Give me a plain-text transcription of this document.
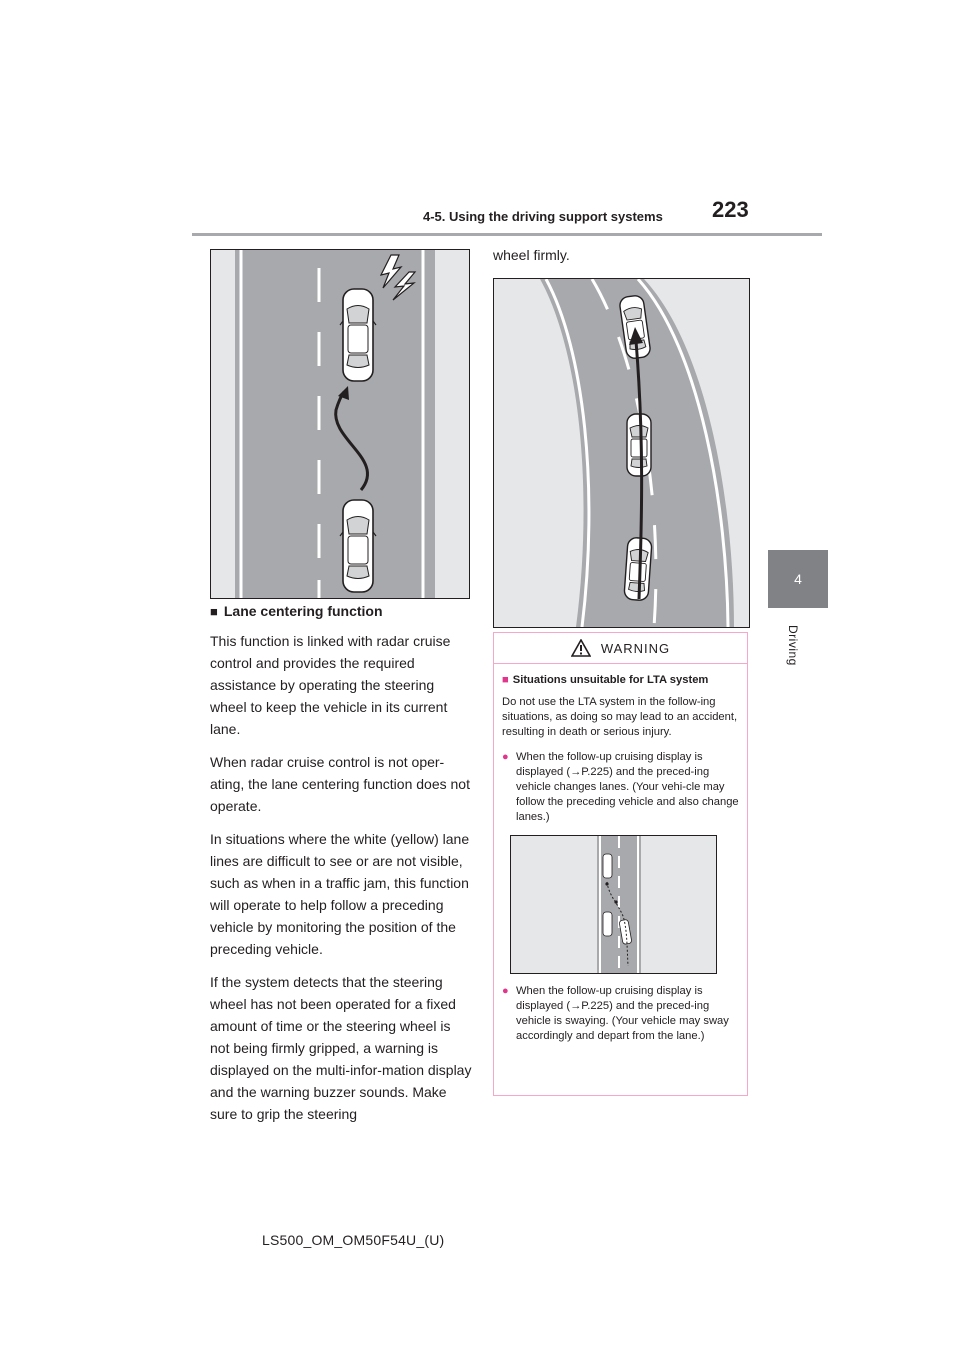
4-5. Using the driving support systems	223
4
Driving
■ Lane centering function

This function is linked with radar cruise control and provides the required assistance by operating the steering wheel to keep the vehicle in its current lane.

When radar cruise control is not oper-ating, the lane centering function does not operate.

In situations where the white (yellow) lane lines are difficult to see or are not visible, such as when in a traffic jam, this function will operate to help follow a preceding vehicle by monitoring the position of the preceding vehicle.

If the system detects that the steering wheel has not been operated for a fixed amount of time or the steering wheel is not being firmly gripped, a warning is displayed on the multi-infor-mation display and the warning buzzer sounds. Make sure to grip the steering

wheel firmly.
WARNING
■ Situations unsuitable for LTA system

Do not use the LTA system in the follow-ing situations, as doing so may lead to an accident, resulting in death or serious injury.

● When the follow-up cruising display is displayed (→P.225) and the preced-ing vehicle changes lanes. (Your vehi-cle may follow the preceding vehicle and also change lanes.)
● When the follow-up cruising display is displayed (→P.225) and the preced-ing vehicle is swaying. (Your vehicle may sway accordingly and depart from the lane.)
LS500_OM_OM50F54U_(U)
